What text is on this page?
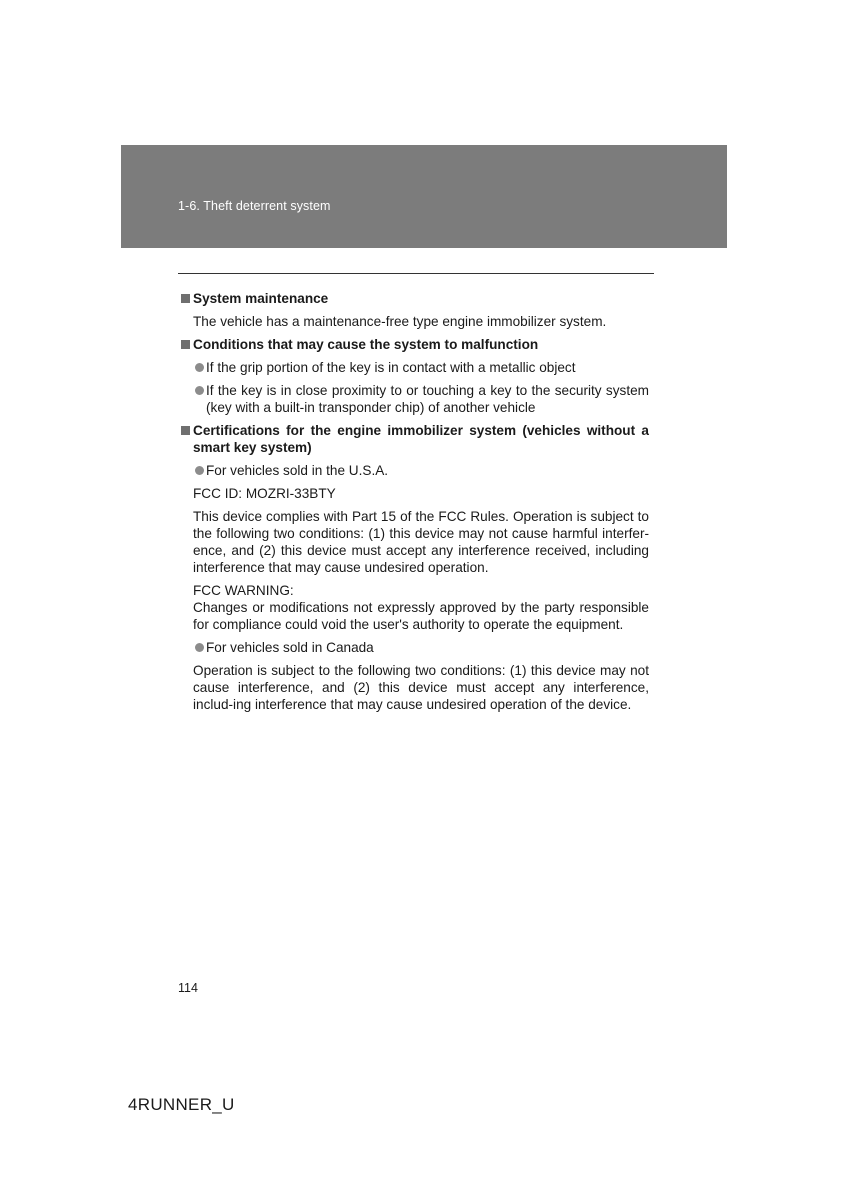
1-6. Theft deterrent system
System maintenance
The vehicle has a maintenance-free type engine immobilizer system.
Conditions that may cause the system to malfunction
If the grip portion of the key is in contact with a metallic object
If the key is in close proximity to or touching a key to the security system (key with a built-in transponder chip) of another vehicle
Certifications for the engine immobilizer system (vehicles without a smart key system)
For vehicles sold in the U.S.A.
FCC ID: MOZRI-33BTY
This device complies with Part 15 of the FCC Rules. Operation is subject to the following two conditions: (1) this device may not cause harmful interfer-ence, and (2) this device must accept any interference received, including interference that may cause undesired operation.
FCC WARNING:
Changes or modifications not expressly approved by the party responsible for compliance could void the user's authority to operate the equipment.
For vehicles sold in Canada
Operation is subject to the following two conditions: (1) this device may not cause interference, and (2) this device must accept any interference, includ-ing interference that may cause undesired operation of the device.
114
4RUNNER_U
